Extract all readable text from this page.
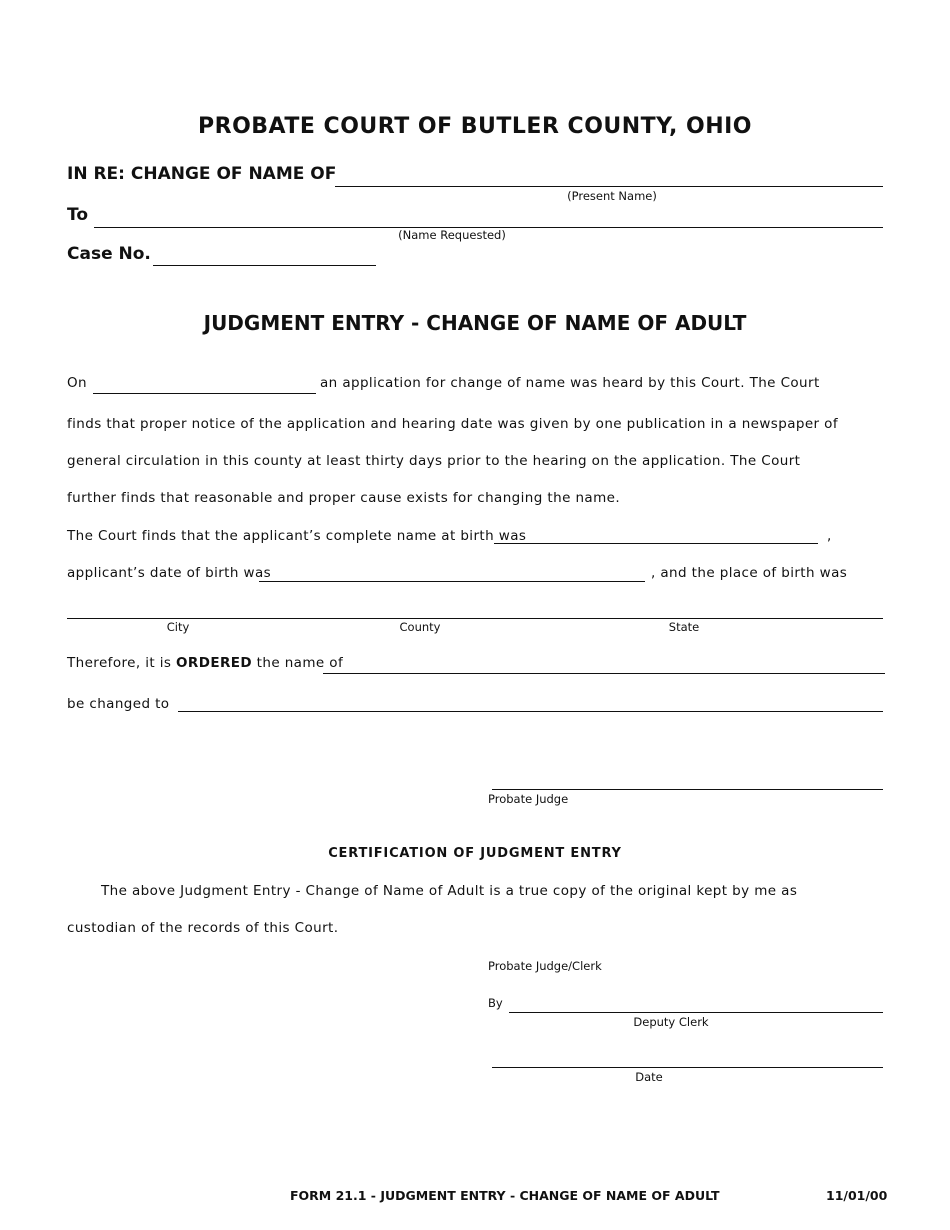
PROBATE COURT OF BUTLER COUNTY, OHIO
IN RE: CHANGE OF NAME OF
(Present Name)
To
(Name Requested)
Case No.
JUDGMENT ENTRY - CHANGE OF NAME OF ADULT
On	an application for change of name was heard by this Court. The Court
finds that proper notice of the application and hearing date was given by one publication in a newspaper of
general circulation in this county at least thirty days prior to the hearing on the application. The Court
further finds that reasonable and proper cause exists for changing the name.
The Court finds that the applicant’s complete name at birth was	,
applicant’s date of birth was	, and the place of birth was
City	County	State
Therefore, it is ORDERED the name of
be changed to
Probate Judge
CERTIFICATION OF JUDGMENT ENTRY
The above Judgment Entry - Change of Name of Adult is a true copy of the original kept by me as
custodian of the records of this Court.
Probate Judge/Clerk
By
Deputy Clerk
Date
FORM 21.1 - JUDGMENT ENTRY - CHANGE OF NAME OF ADULT	11/01/00
